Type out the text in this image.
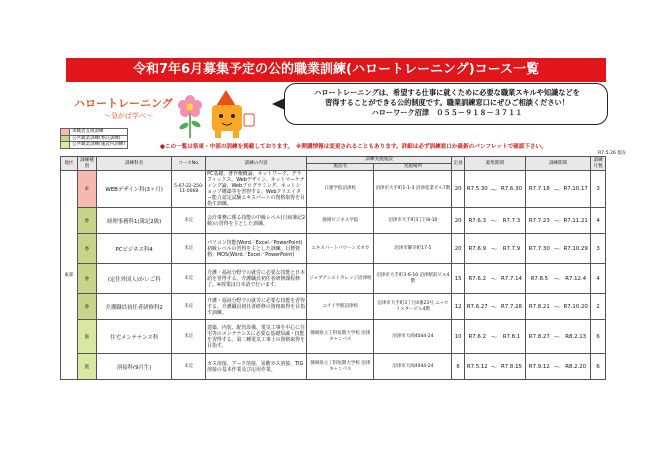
令和7年6月募集予定の公的職業訓練(ハロートレーニング)コース一覧
ハロートレーニング
～急がば学べ～
ハロートレーニングは、希望する仕事に就くために必要な職業スキルや知識などを
習得することができる公的制度です。職業訓練窓口にぜひご相談ください！
ハローワーク沼津　０５５－９１８－３７１１
	求職者支援訓練
	公共職業訓練(委託訓練)
	公共職業訓練(施設内訓練)	●この一覧は県東・中部の訓練を掲載しております。　※開講情報は変更されることもあります。詳細は必ず訓練窓口か最新のパンフレットで確認下さい。
R7.5.26 現在
地区	訓練種別	訓練科名	コースNo.	訓練の内容	訓練実施施設		定員	募集期間			訓練期間			訓練月数
					施設名	実施場所								
東部	求	WEBデザイン科(3ヶ月)	5-07-22-250-11-0068	PC基礎、著作権概論、ネットワーク、グラフィックス、Webデザイン、ネットマーケティング論、Webプログラミング、ネットショップ構築等を習得する。Webクリエイター能力認定試験エキスパートの資格取得を目指す訓練。	日建学院沼津校	沼津市大手町1-1-3 沼津産業ビル7階	20	R7.5.30	～	R7.6.30	R7.7.18	～	R7.10.17	3
	委	経理事務科1(簿記2級)	未定	会計事務に係る技能の中級レベル(日商簿記2級)の習得を主とした訓練。	静岡ビジネス学院	沼津市大手町3丁目8-10	20	R7.6.3	～	R7.7.3	R7.7.23	～	R7.11.21	4
	委	PCビジネス科4	未定	パソコン技能(Word／Excel／PowerPoint)初級レベルの習得を主とした訓練。目標資格：MOS(Word／Excel／PowerPoint)	エキスパートパワーシズオカ	沼津市御幸町17-5	20	R7.6.9	～	R7.7.9	R7.7.30	～	R7.10.29	3
	委	(定住外国人)かいご科	未定	介護・福祉分野での就労に必要な技能と日本語を習得する。介護職員初任者研修課程修了。※授業は日本語で行います。	ジョブアシストカレッジ沼津校	沼津市大手町3-6-10 沼津駅前ビル4階	15	R7.6.2	～	R7.7.14	R7.8.5	～	R7.12.4	4
	委	介護職員初任者研修科2	未定	介護・福祉分野での就労に必要な技能を習得する。介護職員初任者研修の資格取得を目指す訓練。	ニチイ学館沼津校	沼津市大手町3丁目4番23号 ニッセイスタービル4階	12	R7.6.27	～	R7.7.28	R7.8.21	～	R7.10.20	2
	施	住宅メンテナンス科	未定	建築、内装、配管設備、電気工事を中心に住宅等のメンテナンスに必要な基礎知識・技能を習得する。第二種電気工事士の資格取得を目指す。	静岡県立工科短期大学校 沼津キャンパス	沼津市大岡4044-24	10	R7.6.2	～	R7.8.1	R7.8.27	～	R8.2.13	6
	施	溶接科(9月生)	未定	ガス溶接、アーク溶接、炭酸ガス溶接、TIG溶接の基本作業及び応用作業。	静岡県立工科短期大学校 沼津キャンパス	沼津市大岡4044-24	6	R7.5.12	～	R7.8.15	R7.9.12	～	R8.2.20	6
